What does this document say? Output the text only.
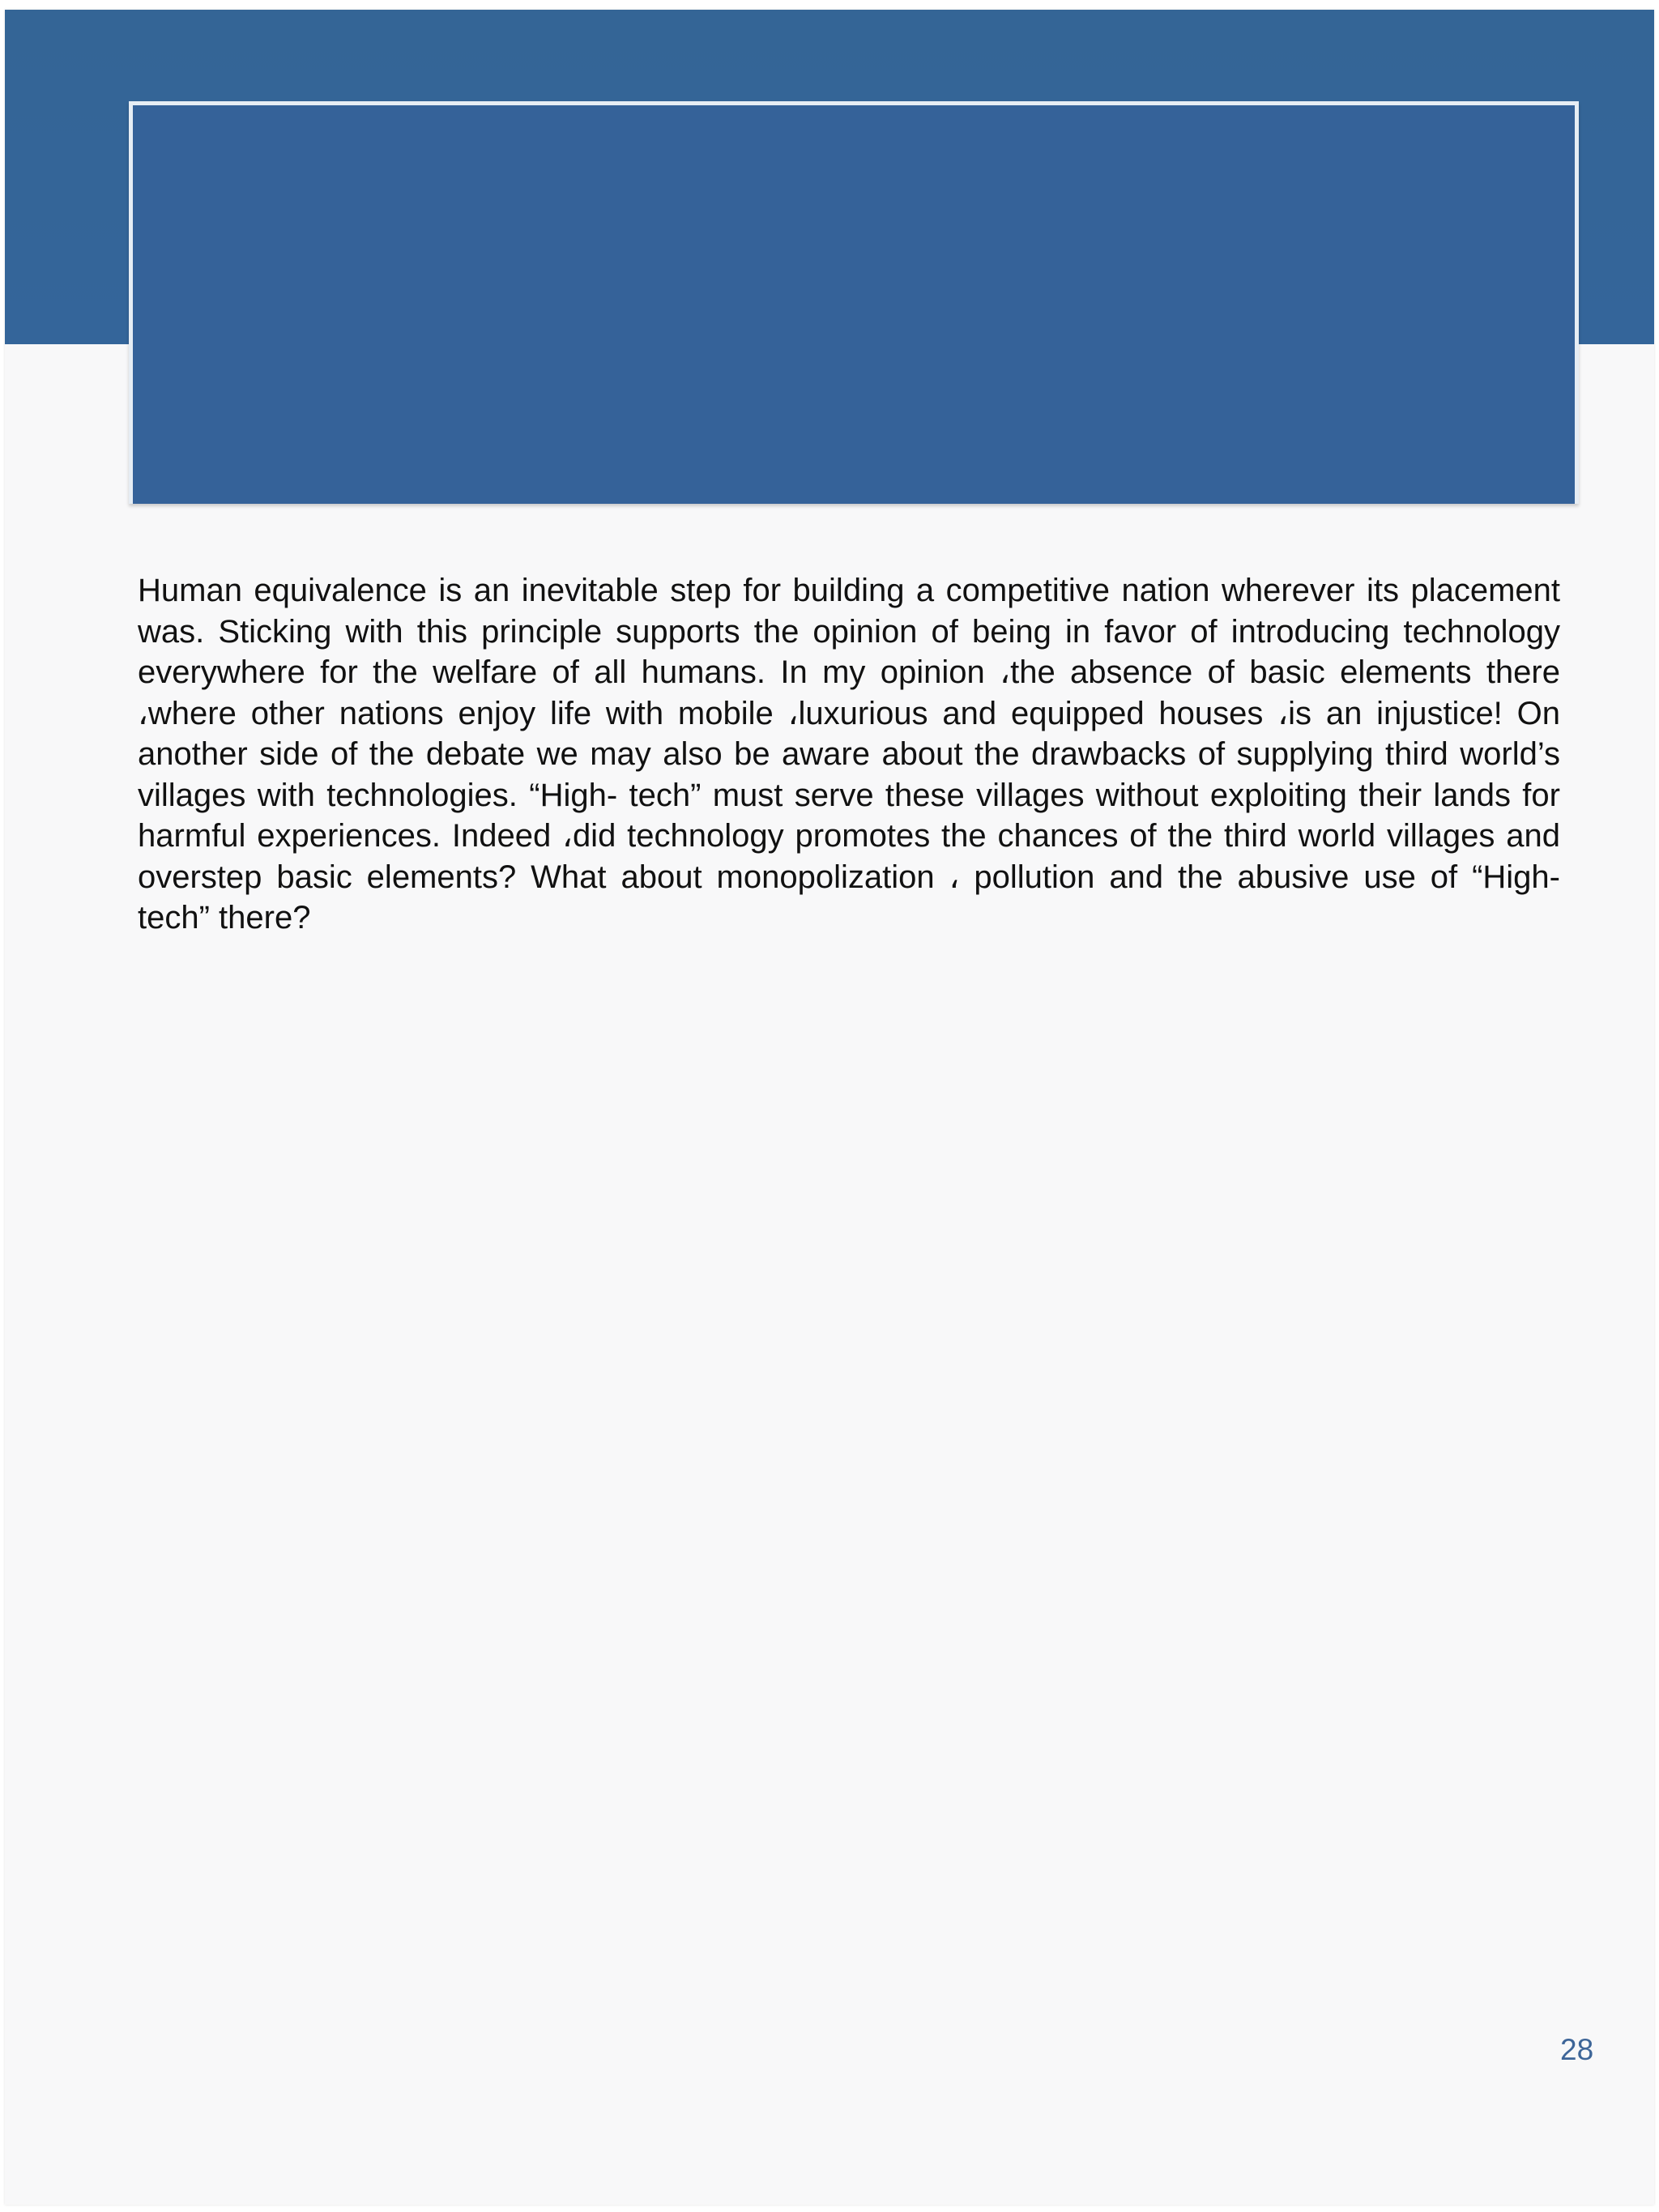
Human equivalence is an inevitable step for building a competitive nation wherever its placement was. Sticking with this principle supports the opinion of being in favor of introducing technology everywhere for the welfare of all humans. In my opinion ،the absence of basic elements there ،where other nations enjoy life with mobile ،luxurious and equipped houses ،is an injustice! On another side of the debate we may also be aware about the drawbacks of supplying third world’s villages with technologies. “High- tech” must serve these villages without exploiting their lands for harmful experiences. Indeed ،did technology promotes the chances of the third world villages and overstep basic elements? What about monopolization ، pollution and the abusive use of “High-tech” there?

28
